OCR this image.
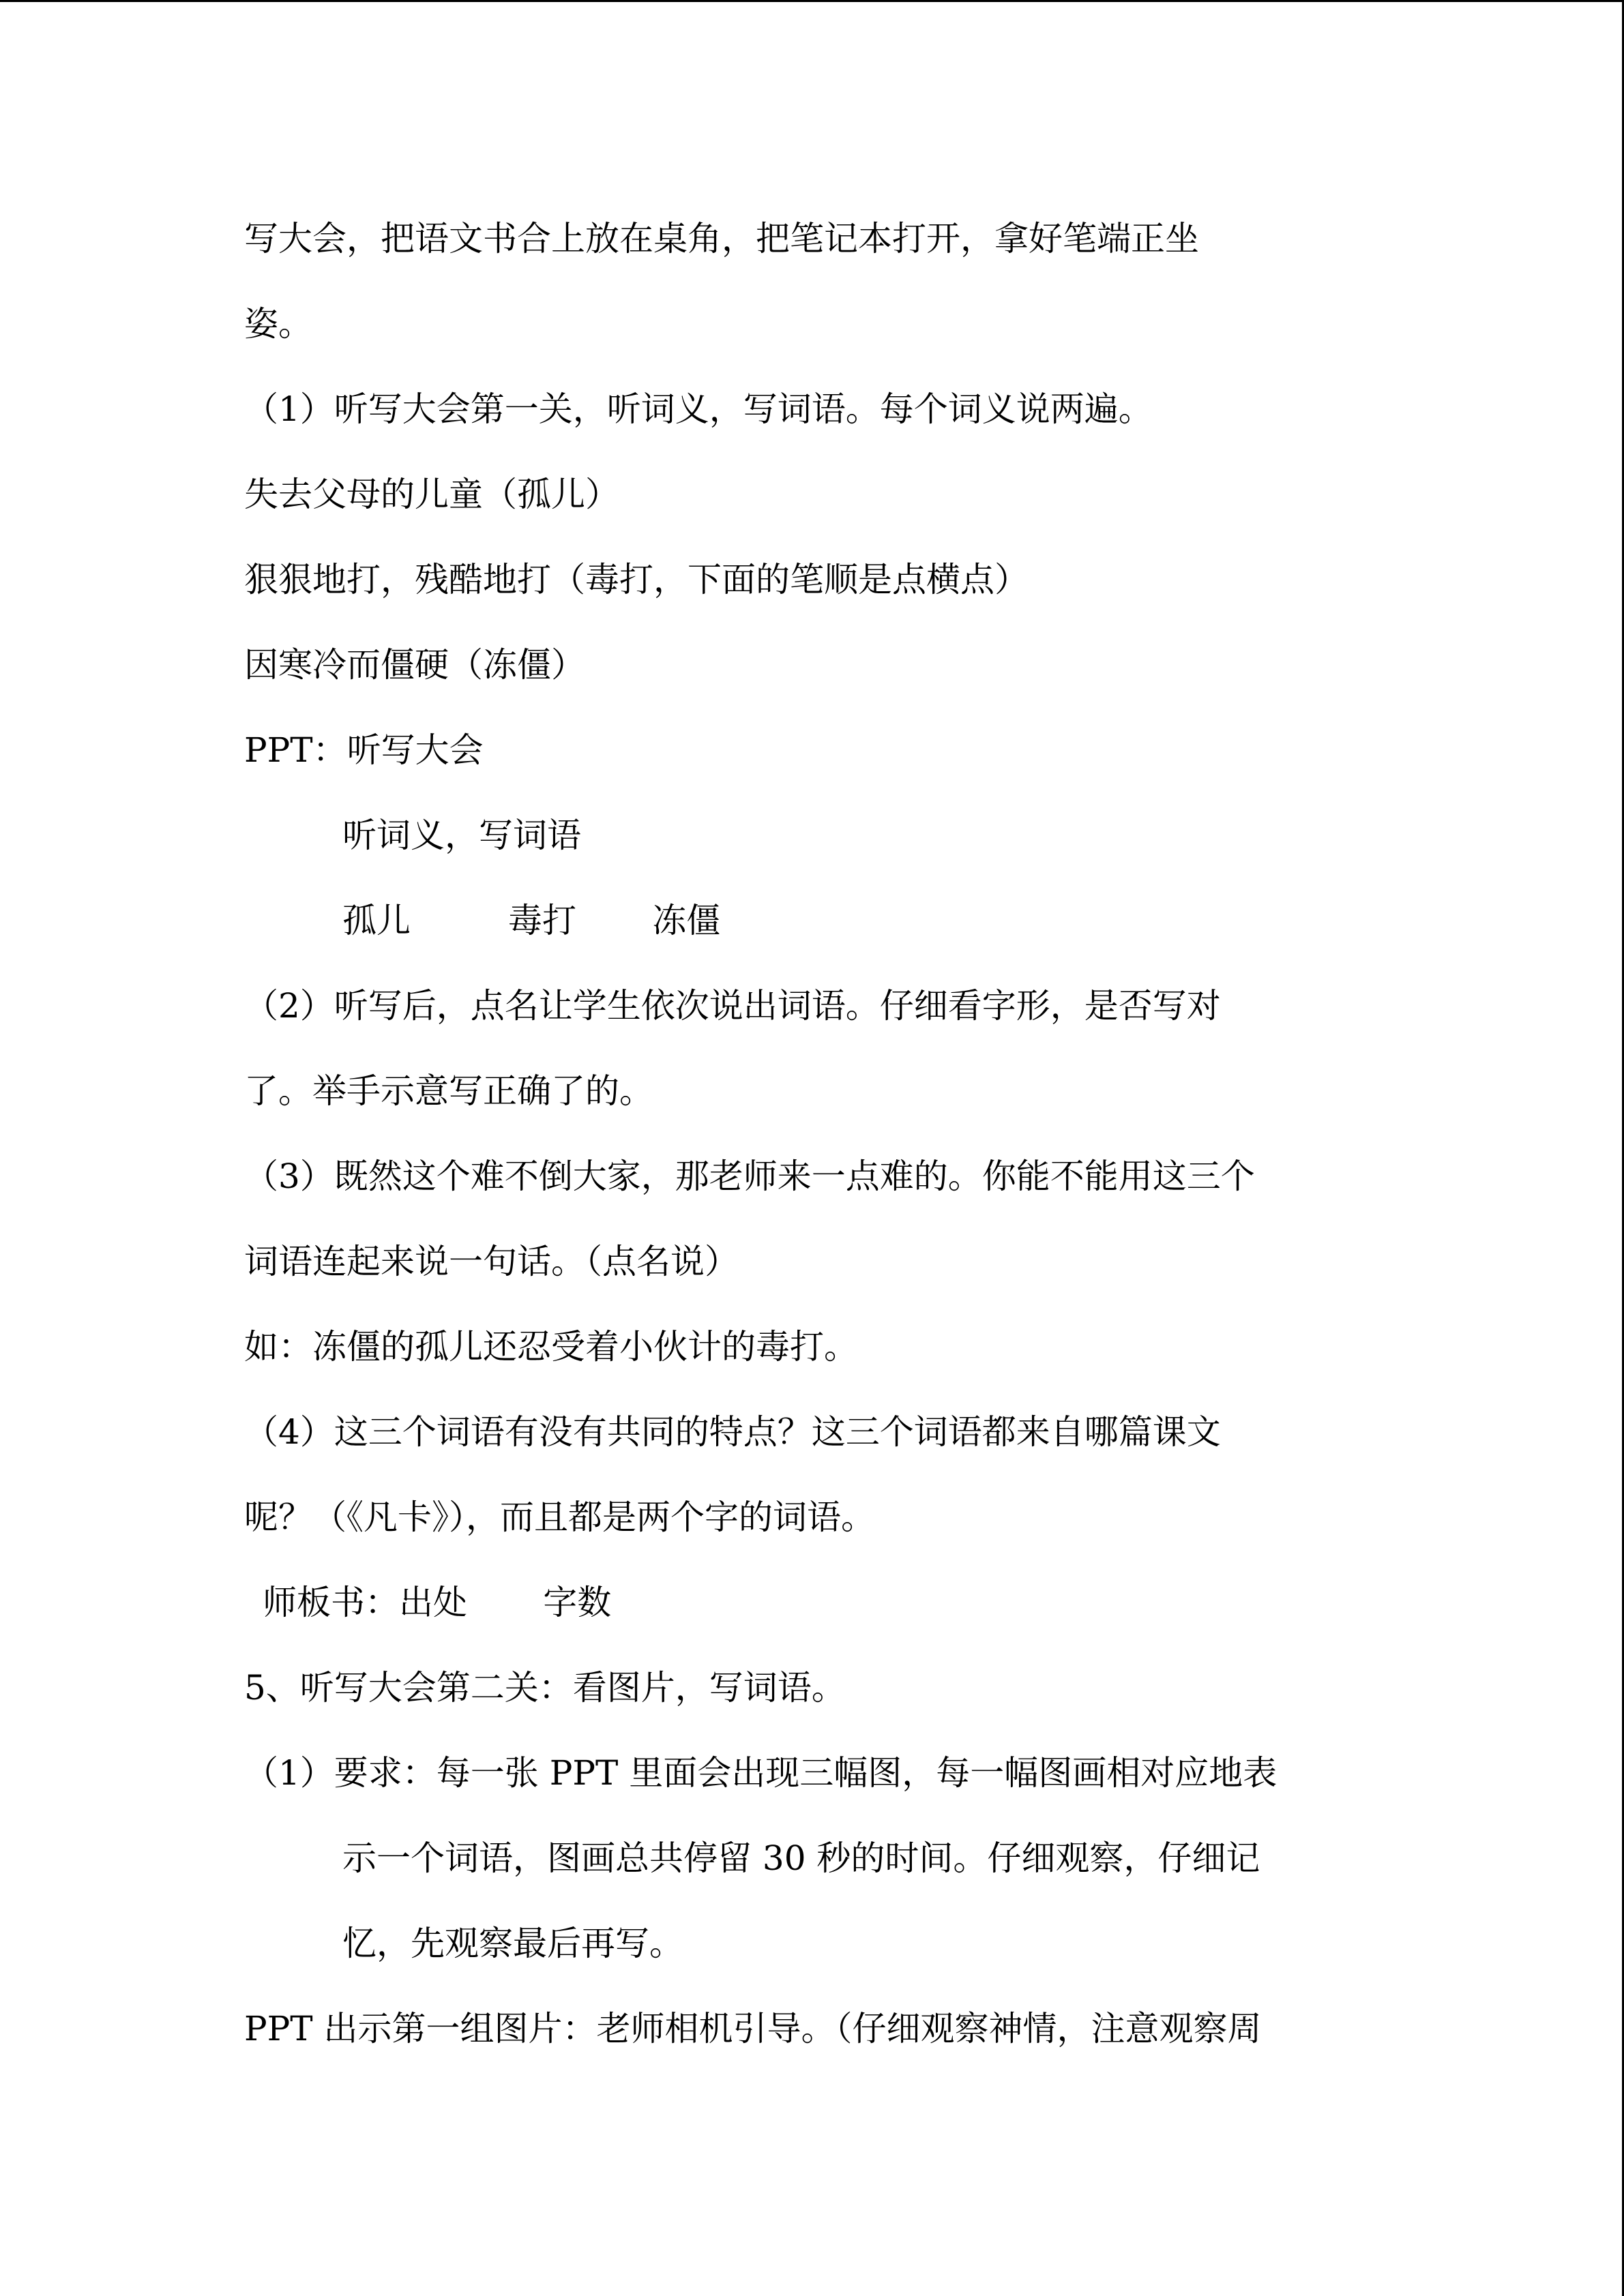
写大会，把语文书合上放在桌角，把笔记本打开，拿好笔端正坐
姿。
（1）听写大会第一关，听词义，写词语。每个词义说两遍。
失去父母的儿童（孤儿）
狠狠地打，残酷地打（毒打，下面的笔顺是点横点）
因寒冷而僵硬（冻僵）
PPT：听写大会
听词义，写词语
孤儿         毒打       冻僵
（2）听写后，点名让学生依次说出词语。仔细看字形，是否写对
了。举手示意写正确了的。
（3）既然这个难不倒大家，那老师来一点难的。你能不能用这三个
词语连起来说一句话。（点名说）
如：冻僵的孤儿还忍受着小伙计的毒打。
（4）这三个词语有没有共同的特点？这三个词语都来自哪篇课文
呢？（《凡卡》），而且都是两个字的词语。
师板书：出处       字数
5、听写大会第二关：看图片，写词语。
（1）要求：每一张 PPT 里面会出现三幅图，每一幅图画相对应地表
示一个词语，图画总共停留 30 秒的时间。仔细观察，仔细记
忆，先观察最后再写。
PPT 出示第一组图片：老师相机引导。（仔细观察神情，注意观察周
